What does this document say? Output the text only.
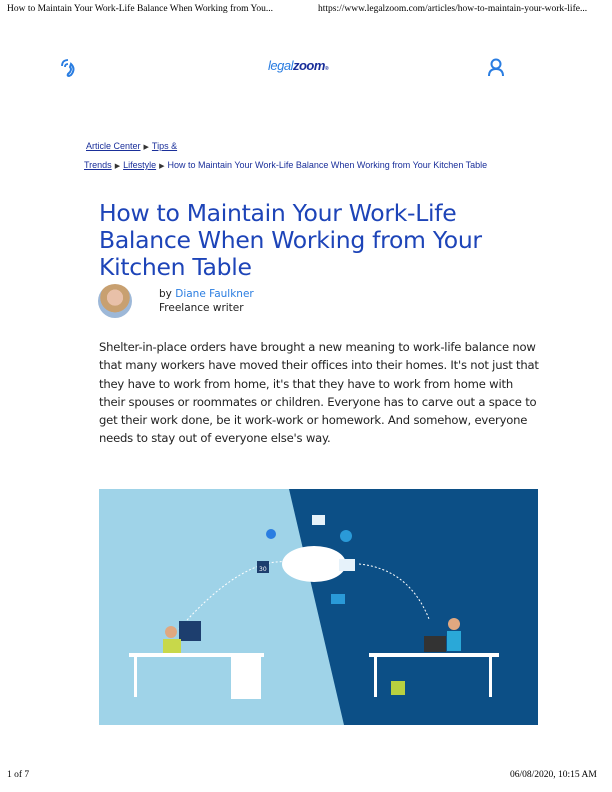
How to Maintain Your Work-Life Balance When Working from You...	https://www.legalzoom.com/articles/how-to-maintain-your-work-life...
legalzoom®
Article Center ▶ Tips &
Trends ▶ Lifestyle ▶ How to Maintain Your Work-Life Balance When Working from Your Kitchen Table
How to Maintain Your Work-Life Balance When Working from Your Kitchen Table
by Diane Faulkner
Freelance writer
Shelter-in-place orders have brought a new meaning to work-life balance now that many workers have moved their offices into their homes. It's not just that they have to work from home, it's that they have to work from home with their spouses or roommates or children. Everyone has to carve out a space to get their work done, be it work-work or homework. And somehow, everyone needs to stay out of everyone else's way.
30
1 of 7	06/08/2020, 10:15 AM
